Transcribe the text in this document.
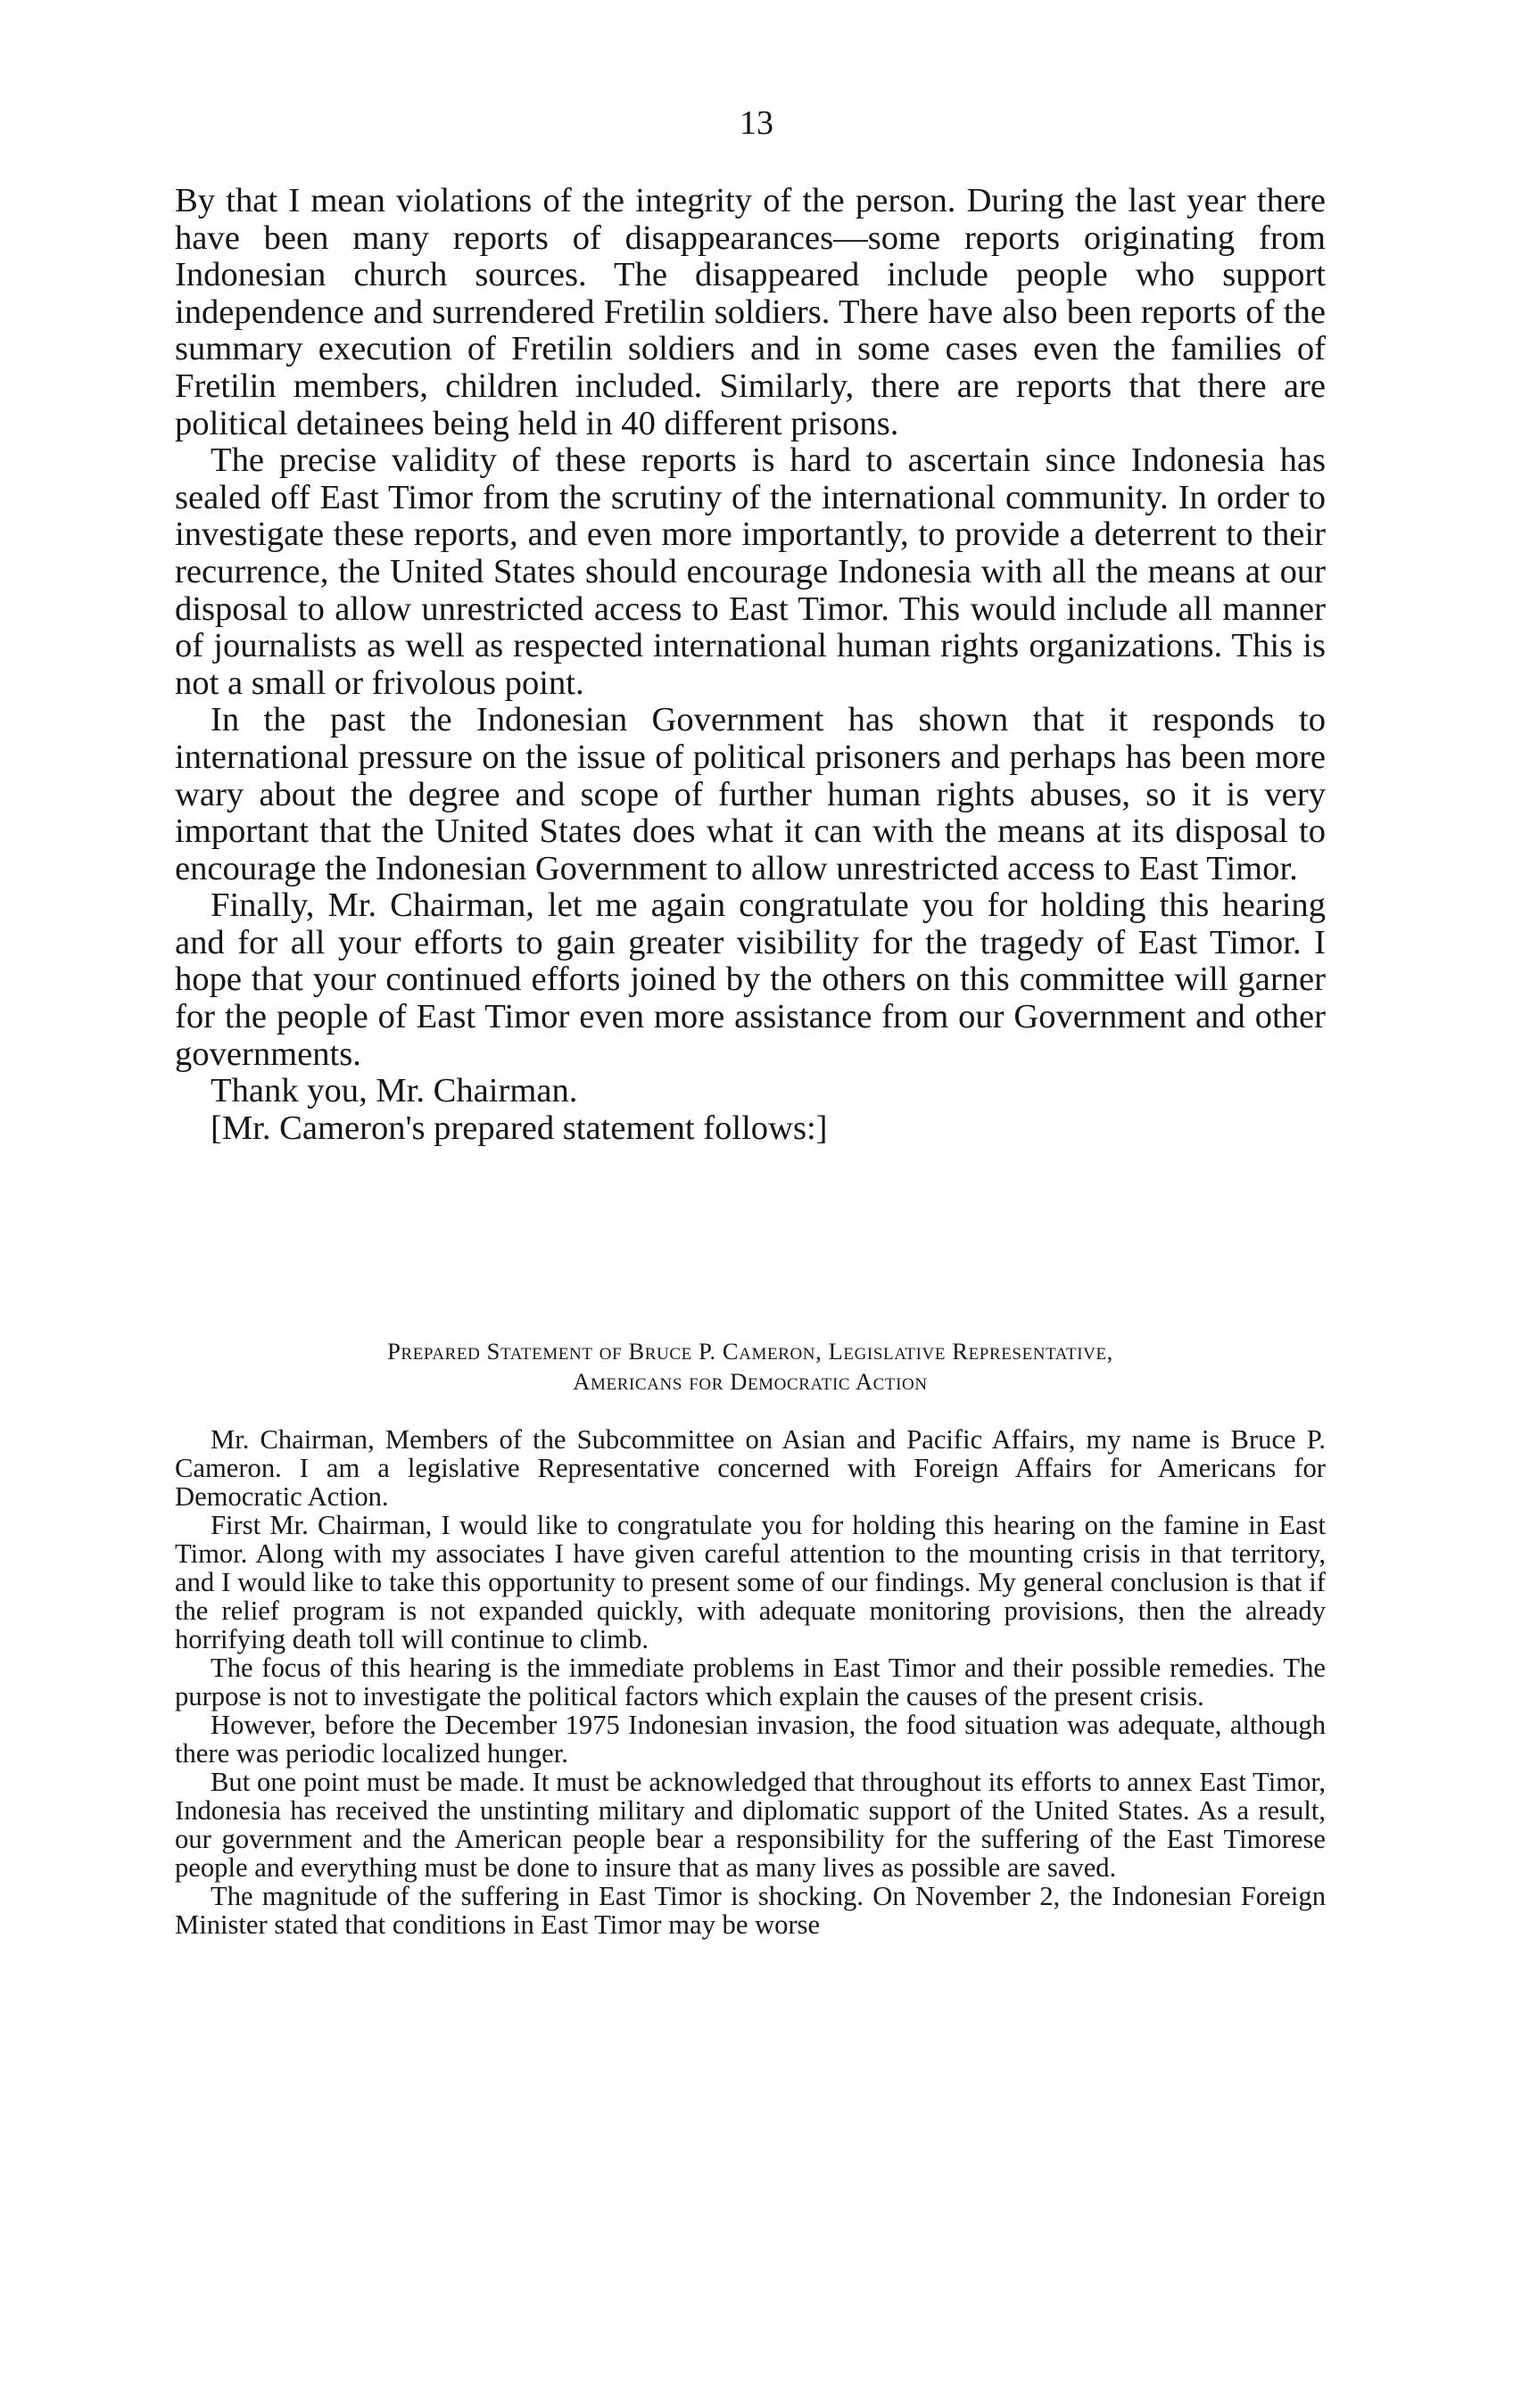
13

By that I mean violations of the integrity of the person. During the last year there have been many reports of disappearances—some reports originating from Indonesian church sources. The disappeared include people who support independence and surrendered Fretilin soldiers. There have also been reports of the summary execution of Fretilin soldiers and in some cases even the families of Fretilin members, children included. Similarly, there are reports that there are political detainees being held in 40 different prisons.

The precise validity of these reports is hard to ascertain since Indonesia has sealed off East Timor from the scrutiny of the international community. In order to investigate these reports, and even more importantly, to provide a deterrent to their recurrence, the United States should encourage Indonesia with all the means at our disposal to allow unrestricted access to East Timor. This would include all manner of journalists as well as respected international human rights organizations. This is not a small or frivolous point.

In the past the Indonesian Government has shown that it responds to international pressure on the issue of political prisoners and perhaps has been more wary about the degree and scope of further human rights abuses, so it is very important that the United States does what it can with the means at its disposal to encourage the Indonesian Government to allow unrestricted access to East Timor.

Finally, Mr. Chairman, let me again congratulate you for holding this hearing and for all your efforts to gain greater visibility for the tragedy of East Timor. I hope that your continued efforts joined by the others on this committee will garner for the people of East Timor even more assistance from our Government and other governments.

Thank you, Mr. Chairman.

[Mr. Cameron's prepared statement follows:]

Prepared Statement of Bruce P. Cameron, Legislative Representative,
Americans for Democratic Action

Mr. Chairman, Members of the Subcommittee on Asian and Pacific Affairs, my name is Bruce P. Cameron. I am a legislative Representative concerned with Foreign Affairs for Americans for Democratic Action.

First Mr. Chairman, I would like to congratulate you for holding this hearing on the famine in East Timor. Along with my associates I have given careful attention to the mounting crisis in that territory, and I would like to take this opportunity to present some of our findings. My general conclusion is that if the relief program is not expanded quickly, with adequate monitoring provisions, then the already horrifying death toll will continue to climb.

The focus of this hearing is the immediate problems in East Timor and their possible remedies. The purpose is not to investigate the political factors which explain the causes of the present crisis.

However, before the December 1975 Indonesian invasion, the food situation was adequate, although there was periodic localized hunger.

But one point must be made. It must be acknowledged that throughout its efforts to annex East Timor, Indonesia has received the unstinting military and diplomatic support of the United States. As a result, our government and the American people bear a responsibility for the suffering of the East Timorese people and everything must be done to insure that as many lives as possible are saved.

The magnitude of the suffering in East Timor is shocking. On November 2, the Indonesian Foreign Minister stated that conditions in East Timor may be worse
